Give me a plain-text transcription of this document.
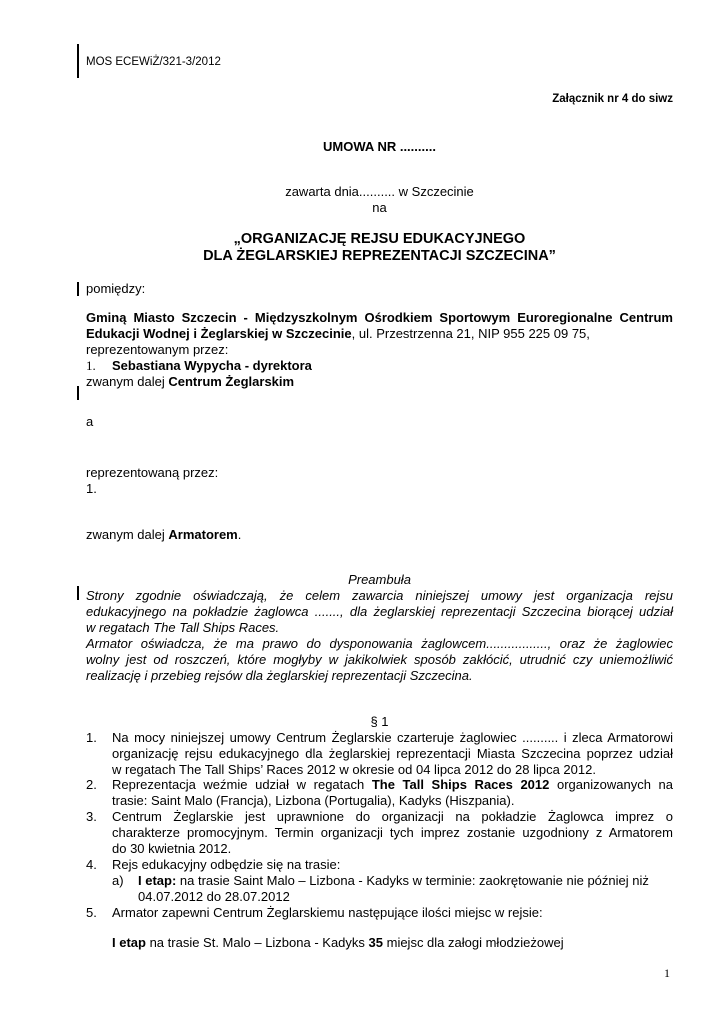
MOS ECEWiŻ/321-3/2012
Załącznik nr 4 do siwz
UMOWA NR ..........
zawarta dnia.......... w Szczecinie
na
„ORGANIZACJĘ REJSU EDUKACYJNEGO
DLA ŻEGLARSKIEJ REPREZENTACJI SZCZECINA”
pomiędzy:
Gminą Miasto Szczecin - Międzyszkolnym Ośrodkiem Sportowym Euroregionalne Centrum
Edukacji Wodnej i Żeglarskiej w Szczecinie, ul. Przestrzenna 21, NIP 955 225 09 75,
reprezentowanym przez:
1. Sebastiana Wypycha - dyrektora
zwanym dalej Centrum Żeglarskim
a
reprezentowaną przez:
1.
zwanym dalej Armatorem.
Preambuła
Strony zgodnie oświadczają, że celem zawarcia niniejszej umowy jest organizacja rejsu
edukacyjnego na pokładzie żaglowca ......., dla żeglarskiej reprezentacji Szczecina biorącej udział
w regatach The Tall Ships Races.
Armator oświadcza, że ma prawo do dysponowania żaglowcem................., oraz że żaglowiec
wolny jest od roszczeń, które mogłyby w jakikolwiek sposób zakłócić, utrudnić czy uniemożliwić
realizację i przebieg rejsów dla żeglarskiej reprezentacji Szczecina.
§ 1
1. Na mocy niniejszej umowy Centrum Żeglarskie czarteruje żaglowiec .......... i zleca Armatorowi
organizację rejsu edukacyjnego dla żeglarskiej reprezentacji Miasta Szczecina poprzez udział
w regatach The Tall Ships’ Races 2012 w okresie od 04 lipca 2012 do 28 lipca 2012.
2. Reprezentacja weźmie udział w regatach The Tall Ships Races 2012 organizowanych na
trasie: Saint Malo (Francja), Lizbona (Portugalia), Kadyks (Hiszpania).
3. Centrum Żeglarskie jest uprawnione do organizacji na pokładzie Żaglowca imprez o
charakterze promocyjnym. Termin organizacji tych imprez zostanie uzgodniony z Armatorem
do 30 kwietnia 2012.
4. Rejs edukacyjny odbędzie się na trasie:
a) I etap: na trasie Saint Malo – Lizbona - Kadyks w terminie: zaokrętowanie nie później niż
04.07.2012 do 28.07.2012
5. Armator zapewni Centrum Żeglarskiemu następujące ilości miejsc w rejsie:
I etap na trasie St. Malo – Lizbona - Kadyks 35 miejsc dla załogi młodzieżowej
1
